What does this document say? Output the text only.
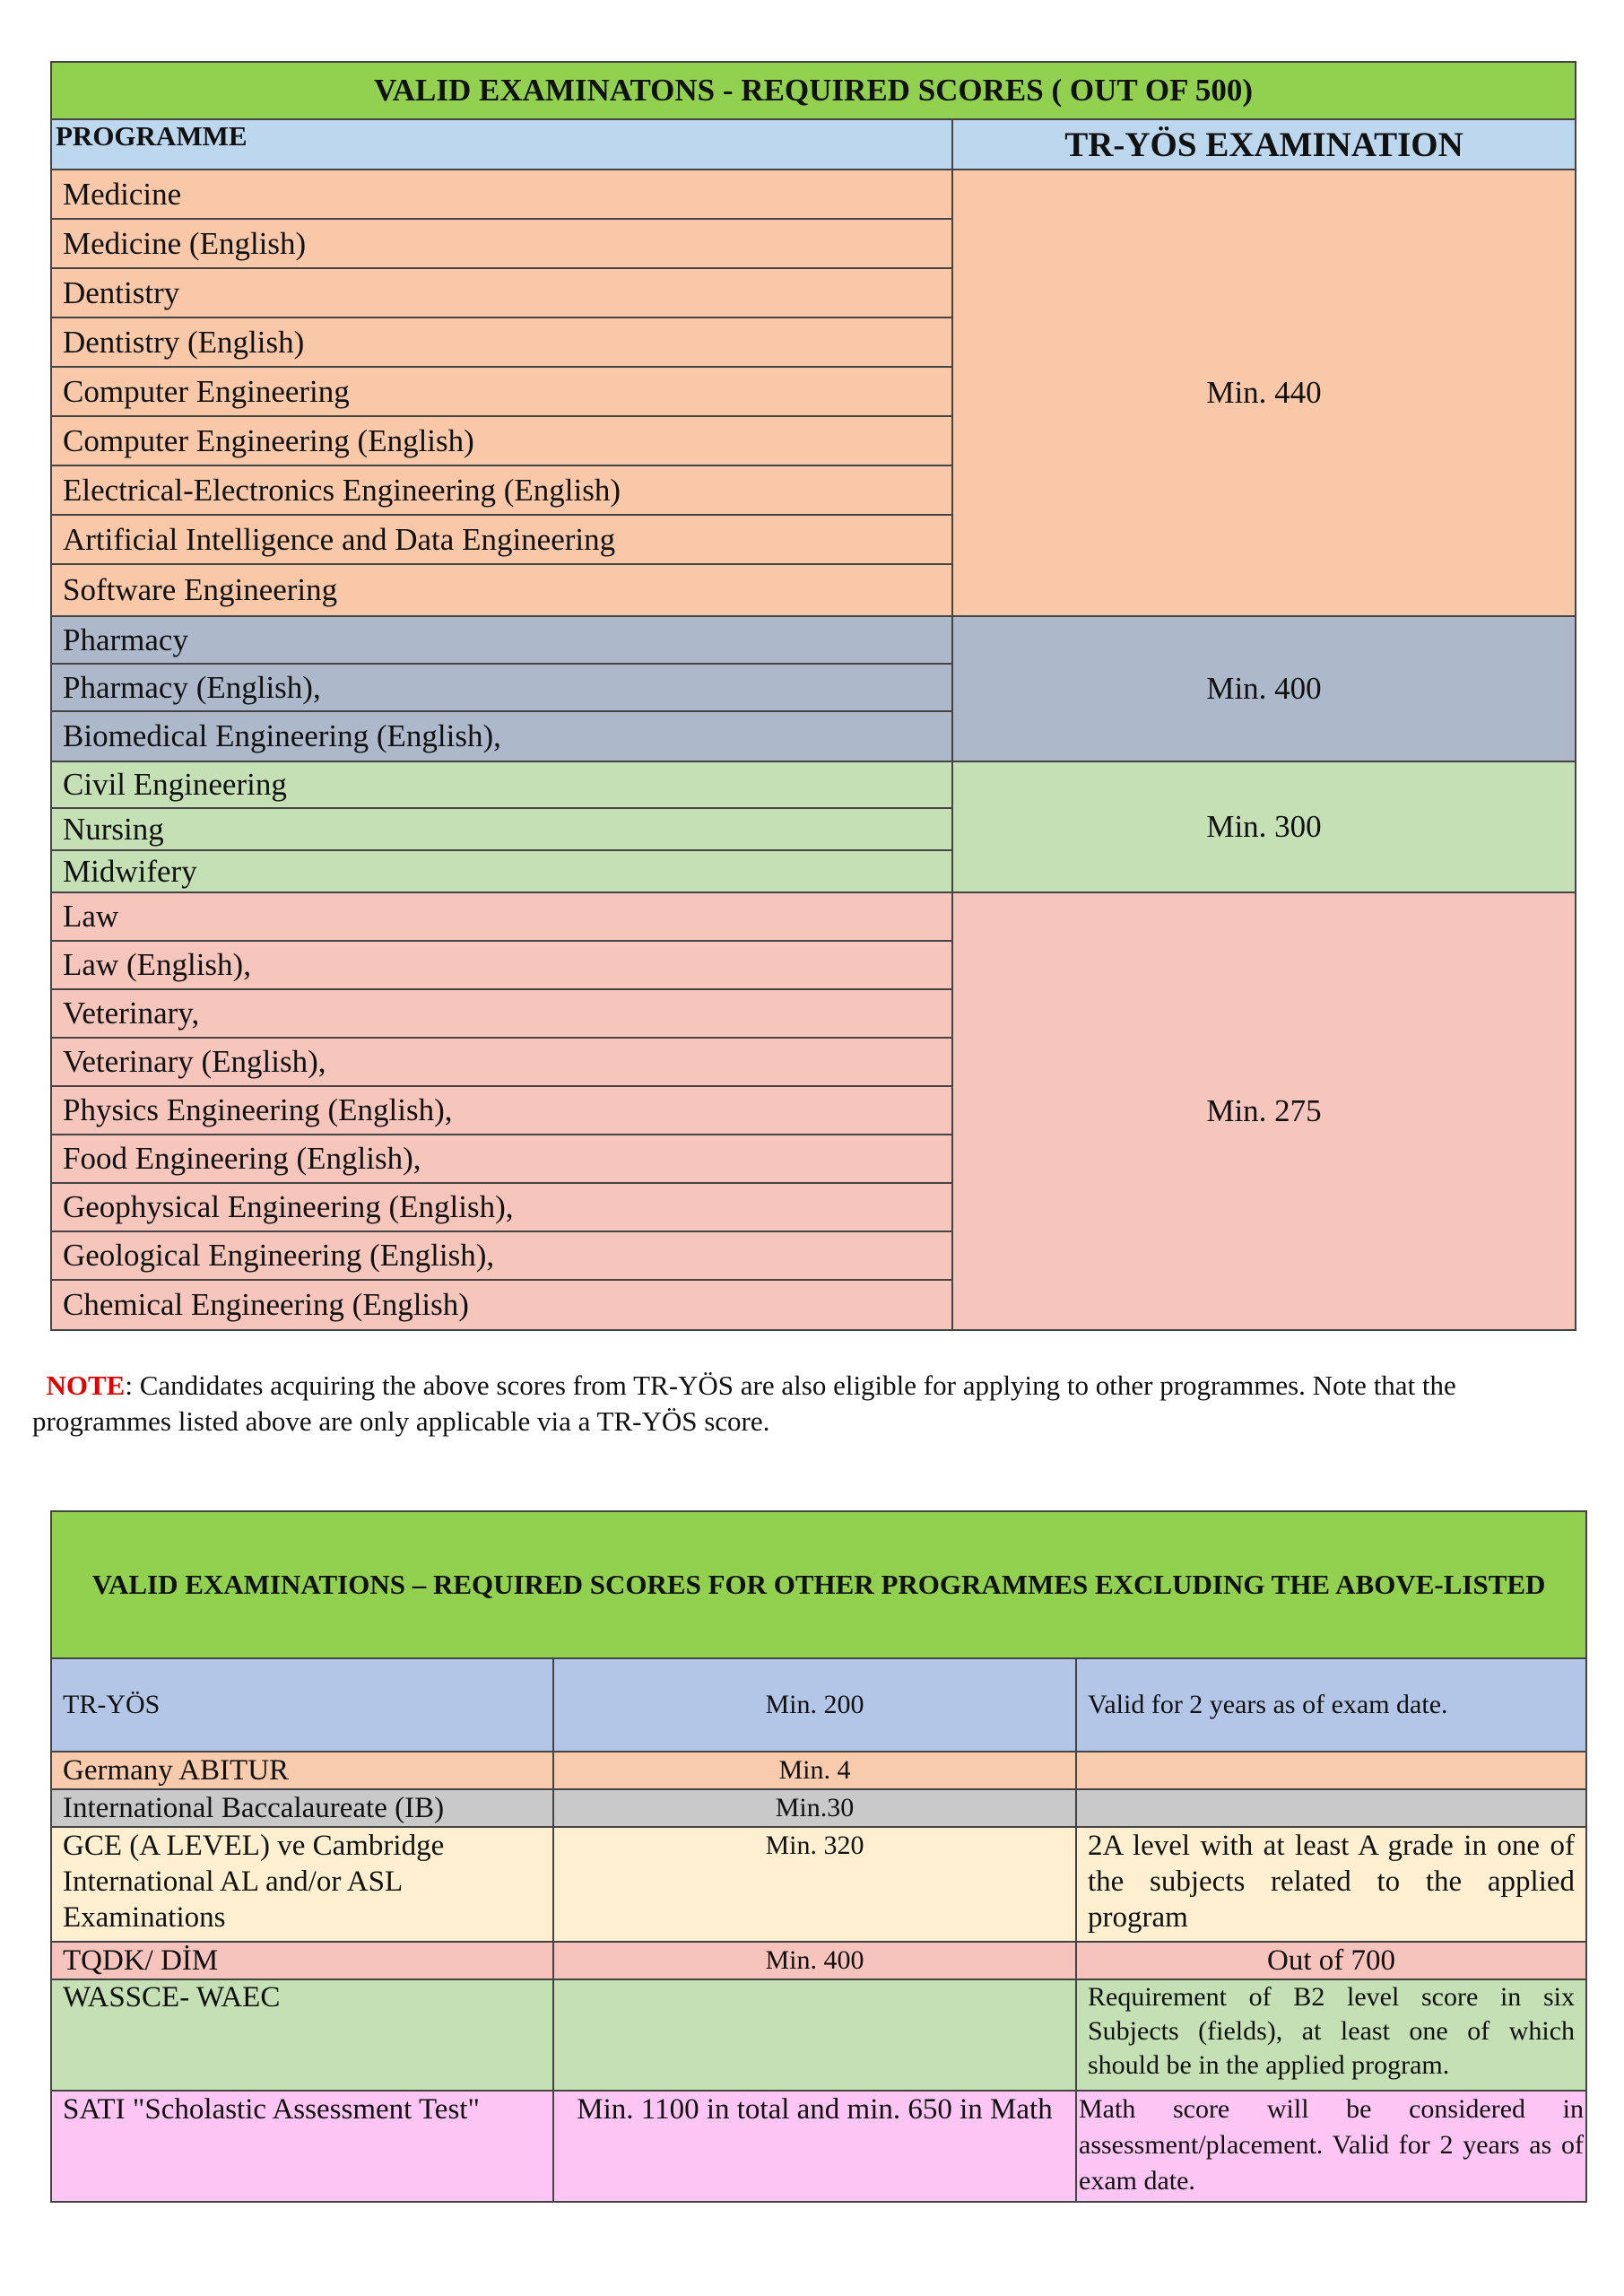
VALID EXAMINATONS - REQUIRED SCORES ( OUT OF 500)	
PROGRAMME	TR-YÖS EXAMINATION
Medicine	Min. 440
Medicine (English)	
Dentistry	
Dentistry (English)	
Computer Engineering	
Computer Engineering (English)	
Electrical-Electronics Engineering (English)	
Artificial Intelligence and Data Engineering	
Software Engineering	
Pharmacy	Min. 400
Pharmacy (English),	
Biomedical Engineering (English),	
Civil Engineering	Min. 300
Nursing	
Midwifery	
Law	Min. 275
Law (English),	
Veterinary,	
Veterinary (English),	
Physics Engineering (English),	
Food Engineering (English),	
Geophysical Engineering (English),	
Geological Engineering (English),	
Chemical Engineering (English)	
NOTE: Candidates acquiring the above scores from TR-YÖS are also eligible for applying to other programmes. Note that the programmes listed above are only applicable via a TR-YÖS score.
VALID EXAMINATIONS – REQUIRED SCORES FOR OTHER PROGRAMMES EXCLUDING THE ABOVE-LISTED		
TR-YÖS	Min. 200	Valid for 2 years as of exam date.
Germany ABITUR	Min. 4	
International Baccalaureate (IB)	Min.30	
GCE (A LEVEL) ve Cambridge International AL and/or ASL Examinations	Min. 320	2A level with at least A grade in one of the subjects related to the applied program
TQDK/ DİM	Min. 400	Out of 700
WASSCE- WAEC		Requirement of B2 level score in six Subjects (fields), at least one of which should be in the applied program.
SATI "Scholastic Assessment Test"	Min. 1100 in total and min. 650 in Math	Math score will be considered in assessment/placement. Valid for 2 years as of exam date.
